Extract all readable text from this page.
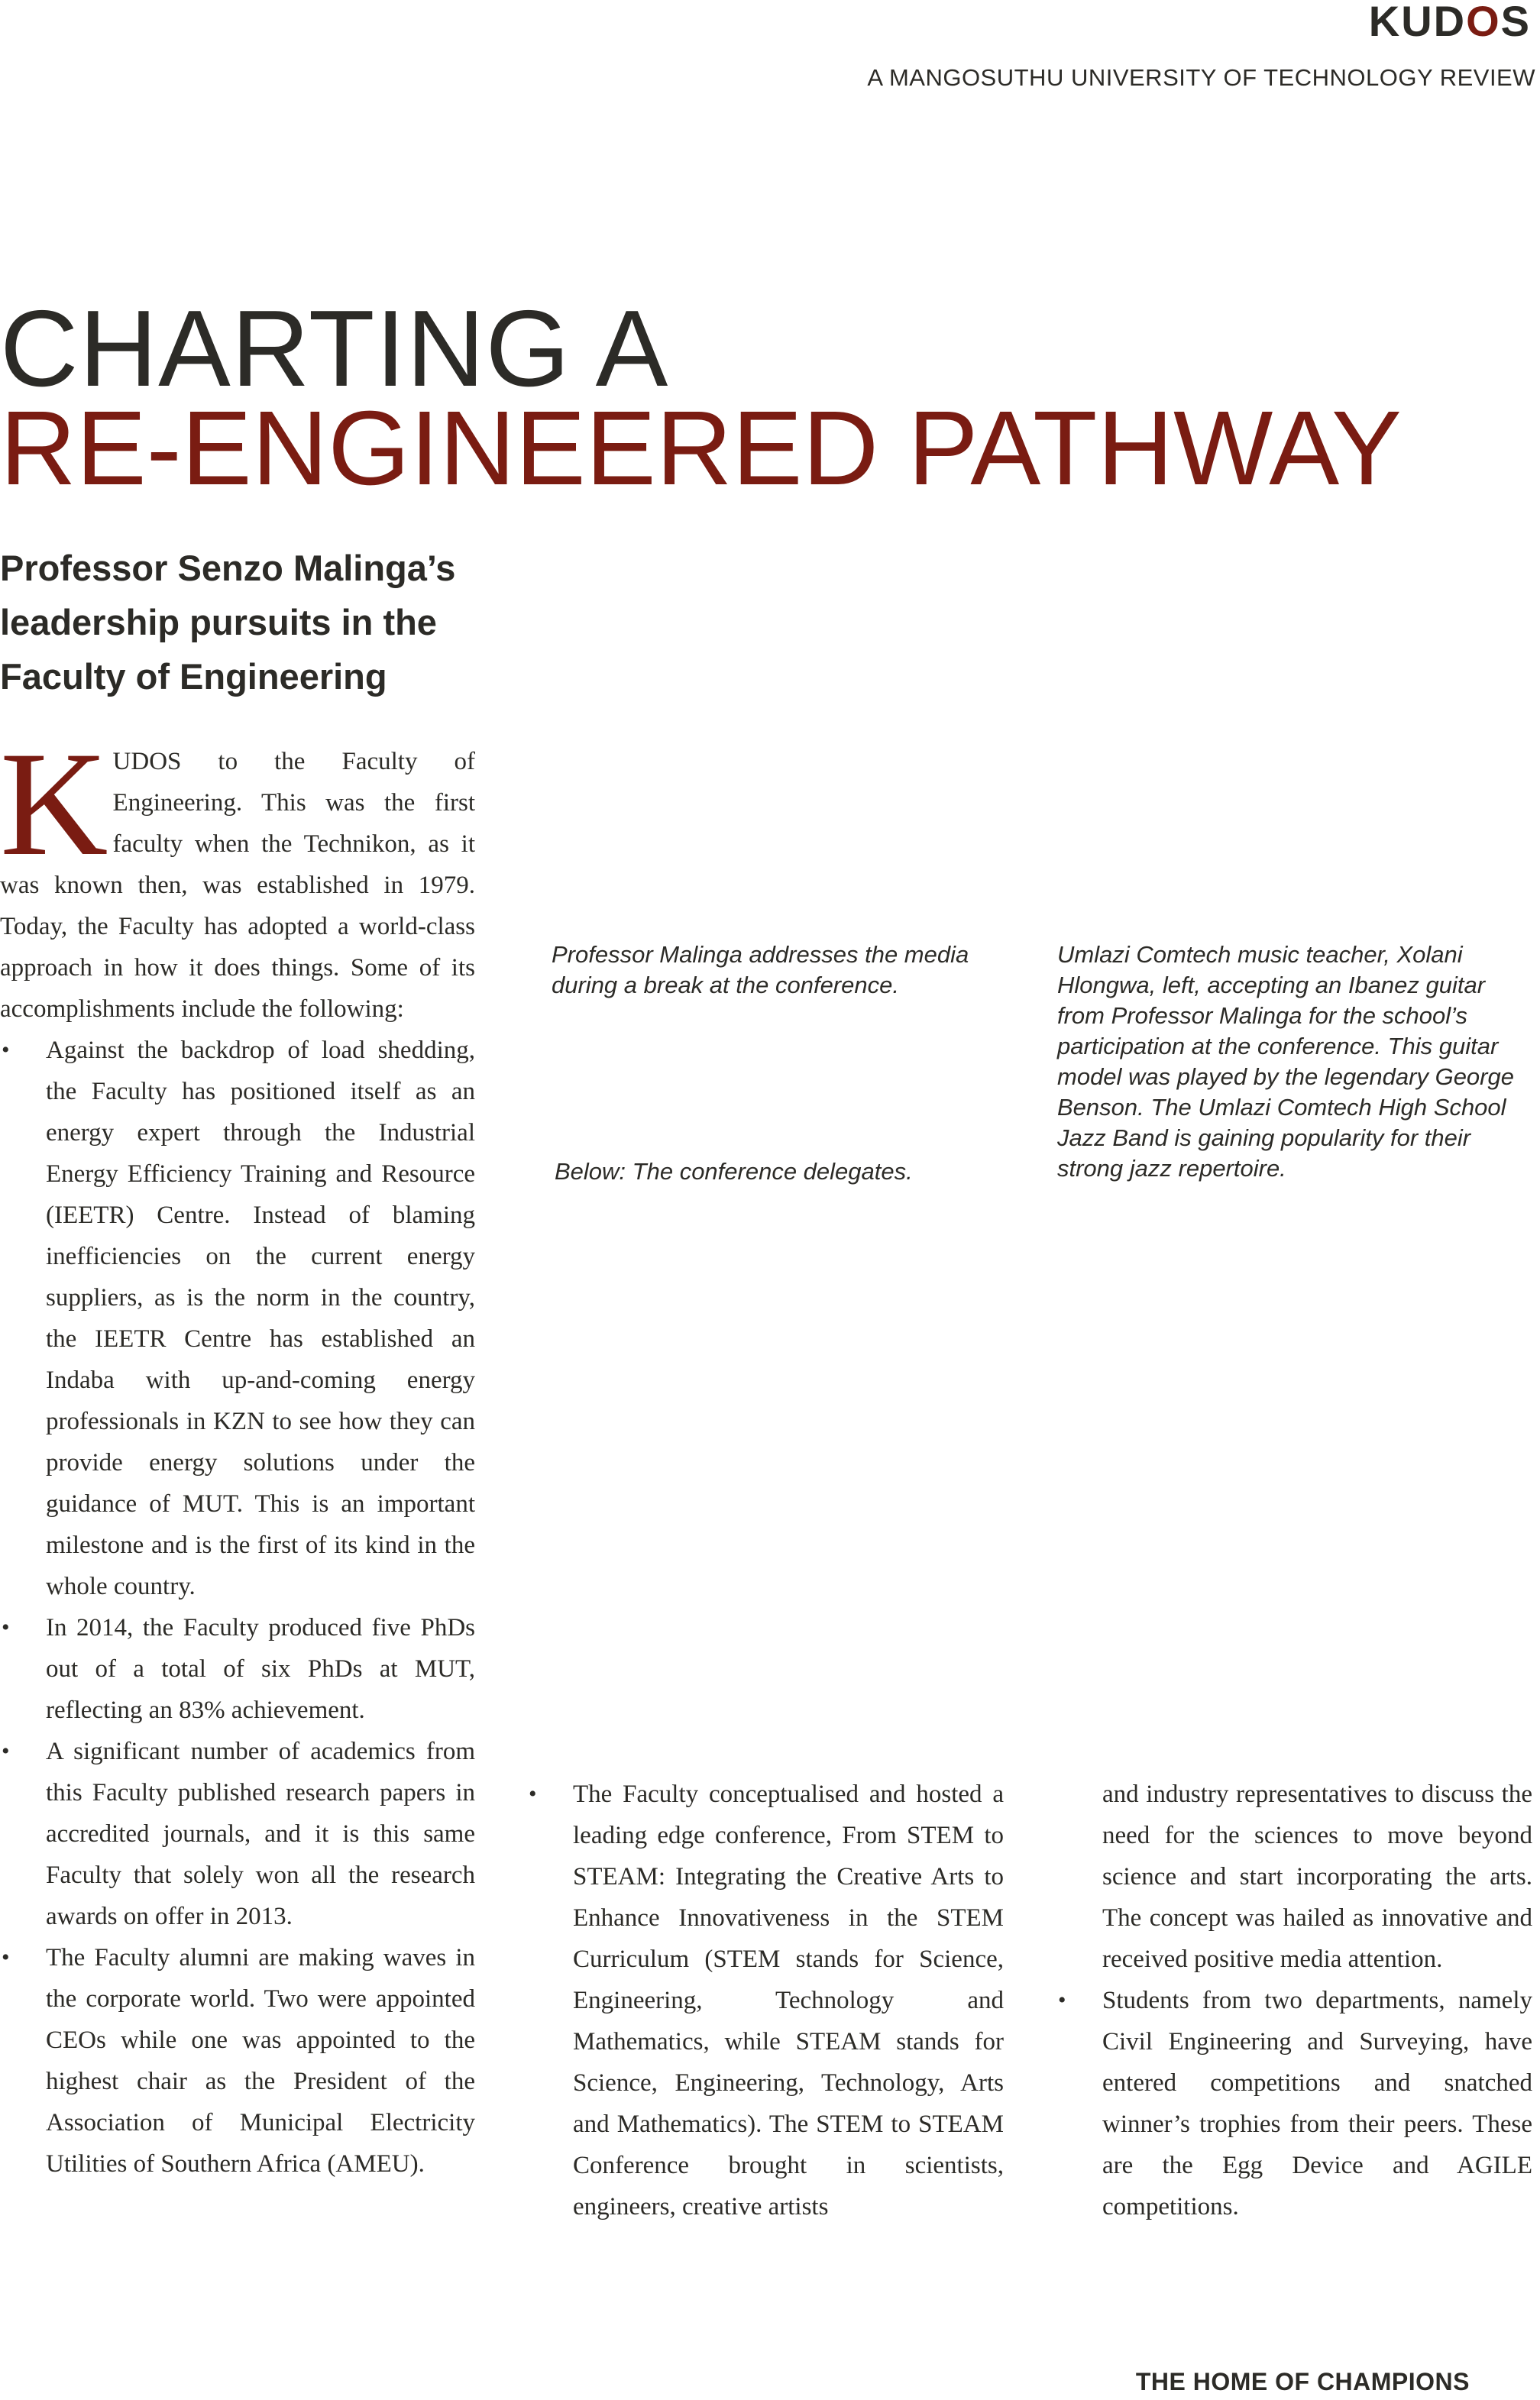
KUDOS
A MANGOSUTHU UNIVERSITY OF TECHNOLOGY REVIEW
CHARTING A
RE-ENGINEERED PATHWAY
Professor Senzo Malinga’s leadership pursuits in the Faculty of Engineering

KUDOS to the Faculty of Engineering. This was the first faculty when the Technikon, as it was known then, was established in 1979. Today, the Faculty has adopted a world-class approach in how it does things. Some of its accomplishments include the following:

• Against the backdrop of load shedding, the Faculty has positioned itself as an energy expert through the Industrial Energy Efficiency Training and Resource (IEETR) Centre. Instead of blaming inefficiencies on the current energy suppliers, as is the norm in the country, the IEETR Centre has established an Indaba with up-and-coming energy professionals in KZN to see how they can provide energy solutions under the guidance of MUT. This is an important milestone and is the first of its kind in the whole country.
• In 2014, the Faculty produced five PhDs out of a total of six PhDs at MUT, reflecting an 83% achievement.
• A significant number of academics from this Faculty published research papers in accredited journals, and it is this same Faculty that solely won all the research awards on offer in 2013.
• The Faculty alumni are making waves in the corporate world. Two were appointed CEOs while one was appointed to the highest chair as the President of the Association of Municipal Electricity Utilities of Southern Africa (AMEU).
Professor Malinga addresses the media during a break at the conference.
Umlazi Comtech music teacher, Xolani Hlongwa, left, accepting an Ibanez guitar from Professor Malinga for the school’s participation at the conference. This guitar model was played by the legendary George Benson. The Umlazi Comtech High School Jazz Band is gaining popularity for their strong jazz repertoire.
Below: The conference delegates.
• The Faculty conceptualised and hosted a leading edge conference, From STEM to STEAM: Integrating the Creative Arts to Enhance Innovativeness in the STEM Curriculum (STEM stands for Science, Engineering, Technology and Mathematics, while STEAM stands for Science, Engineering, Technology, Arts and Mathematics). The STEM to STEAM Conference brought in scientists, engineers, creative artists
and industry representatives to discuss the need for the sciences to move beyond science and start incorporating the arts. The concept was hailed as innovative and received positive media attention.
• Students from two departments, namely Civil Engineering and Surveying, have entered competitions and snatched winner’s trophies from their peers. These are the Egg Device and AGILE competitions.
THE HOME OF CHAMPIONS
